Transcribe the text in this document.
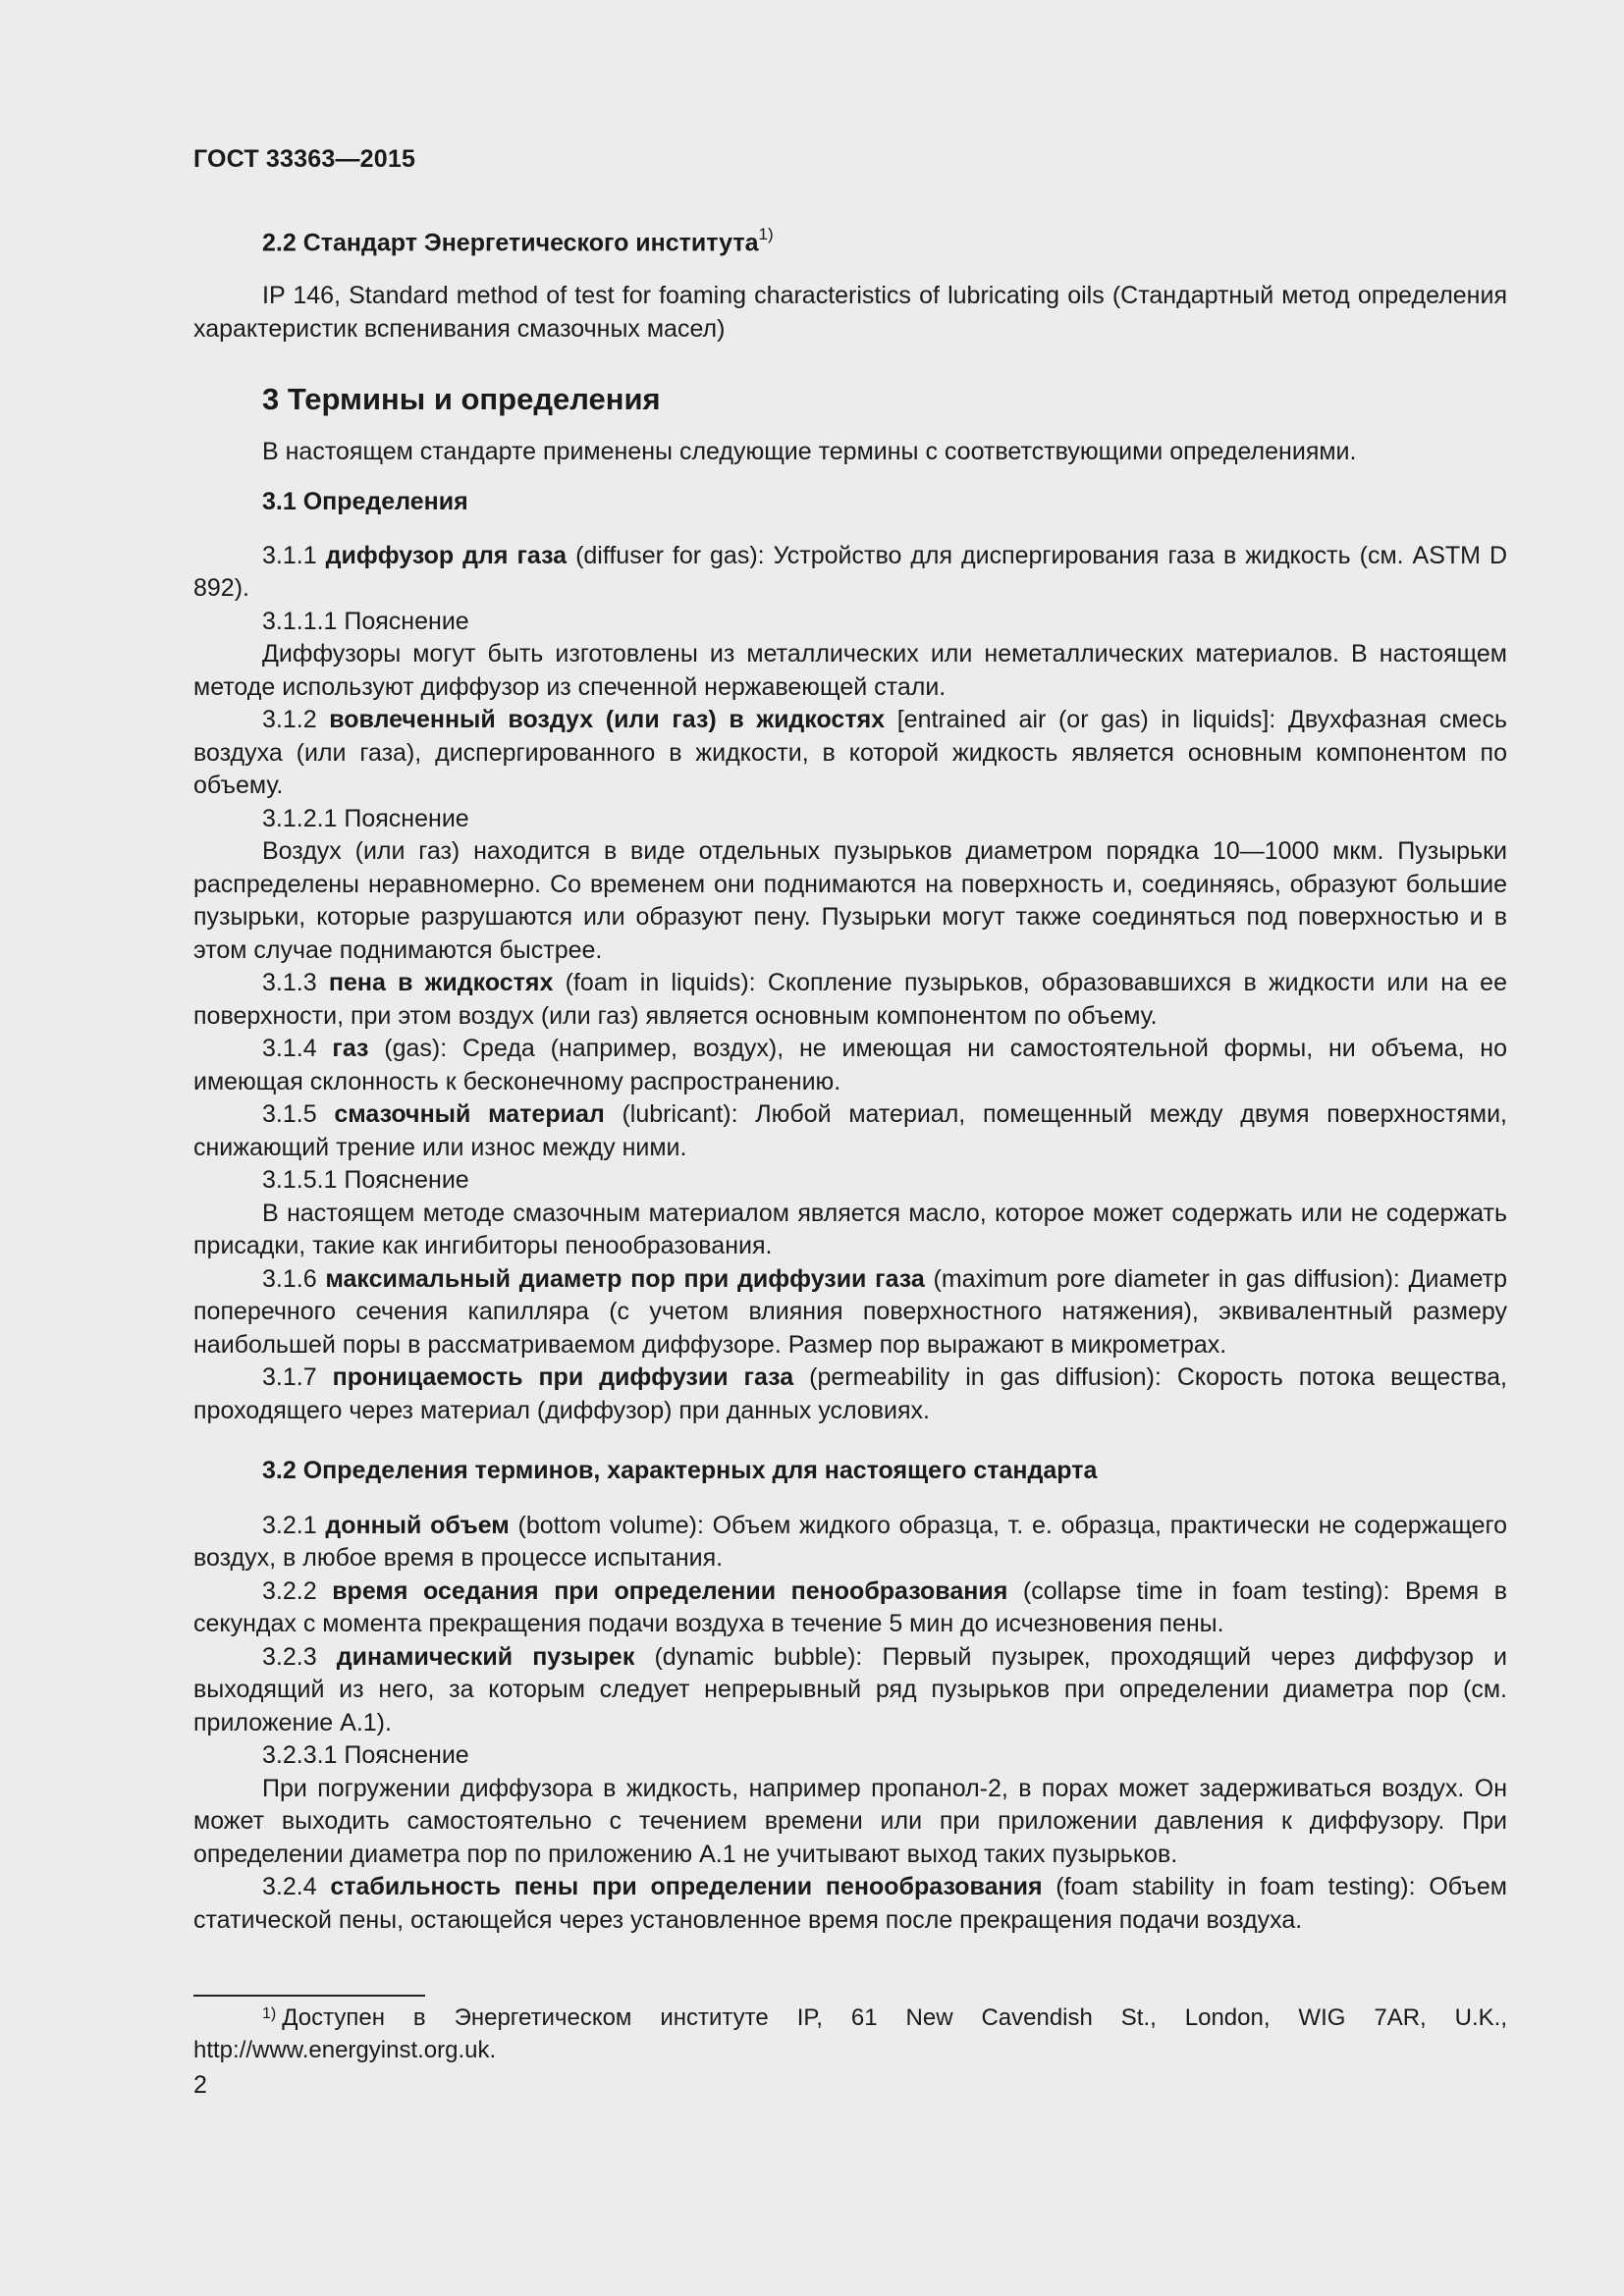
ГОСТ 33363—2015
2.2 Стандарт Энергетического института$^{1)}$

IP 146, Standard method of test for foaming characteristics of lubricating oils (Стандартный метод определения характеристик вспенивания смазочных масел)

3 Термины и определения

В настоящем стандарте применены следующие термины с соответствующими определениями.

3.1 Определения

3.1.1 диффузор для газа (diffuser for gas): Устройство для диспергирования газа в жидкость (см. ASTM D 892).

3.1.1.1 Пояснение

Диффузоры могут быть изготовлены из металлических или неметаллических материалов. В настоящем методе используют диффузор из спеченной нержавеющей стали.

3.1.2 вовлеченный воздух (или газ) в жидкостях [entrained air (or gas) in liquids]: Двухфазная смесь воздуха (или газа), диспергированного в жидкости, в которой жидкость является основным компонентом по объему.

3.1.2.1 Пояснение

Воздух (или газ) находится в виде отдельных пузырьков диаметром порядка 10—1000 мкм. Пузырьки распределены неравномерно. Со временем они поднимаются на поверхность и, соединяясь, образуют большие пузырьки, которые разрушаются или образуют пену. Пузырьки могут также соединяться под поверхностью и в этом случае поднимаются быстрее.

3.1.3 пена в жидкостях (foam in liquids): Скопление пузырьков, образовавшихся в жидкости или на ее поверхности, при этом воздух (или газ) является основным компонентом по объему.

3.1.4 газ (gas): Среда (например, воздух), не имеющая ни самостоятельной формы, ни объема, но имеющая склонность к бесконечному распространению.

3.1.5 смазочный материал (lubricant): Любой материал, помещенный между двумя поверхностями, снижающий трение или износ между ними.

3.1.5.1 Пояснение

В настоящем методе смазочным материалом является масло, которое может содержать или не содержать присадки, такие как ингибиторы пенообразования.

3.1.6 максимальный диаметр пор при диффузии газа (maximum pore diameter in gas diffusion): Диаметр поперечного сечения капилляра (с учетом влияния поверхностного натяжения), эквивалентный размеру наибольшей поры в рассматриваемом диффузоре. Размер пор выражают в микрометрах.

3.1.7 проницаемость при диффузии газа (permeability in gas diffusion): Скорость потока вещества, проходящего через материал (диффузор) при данных условиях.

3.2 Определения терминов, характерных для настоящего стандарта

3.2.1 донный объем (bottom volume): Объем жидкого образца, т. е. образца, практически не содержащего воздух, в любое время в процессе испытания.

3.2.2 время оседания при определении пенообразования (collapse time in foam testing): Время в секундах с момента прекращения подачи воздуха в течение 5 мин до исчезновения пены.

3.2.3 динамический пузырек (dynamic bubble): Первый пузырек, проходящий через диффузор и выходящий из него, за которым следует непрерывный ряд пузырьков при определении диаметра пор (см. приложение А.1).

3.2.3.1 Пояснение

При погружении диффузора в жидкость, например пропанол-2, в порах может задерживаться воздух. Он может выходить самостоятельно с течением времени или при приложении давления к диффузору. При определении диаметра пор по приложению А.1 не учитывают выход таких пузырьков.

3.2.4 стабильность пены при определении пенообразования (foam stability in foam testing): Объем статической пены, остающейся через установленное время после прекращения подачи воздуха.

$^{1)}$ Доступен в Энергетическом институте IP, 61 New Cavendish St., London, WIG 7AR, U.K., http://www.energyinst.org.uk.

2
